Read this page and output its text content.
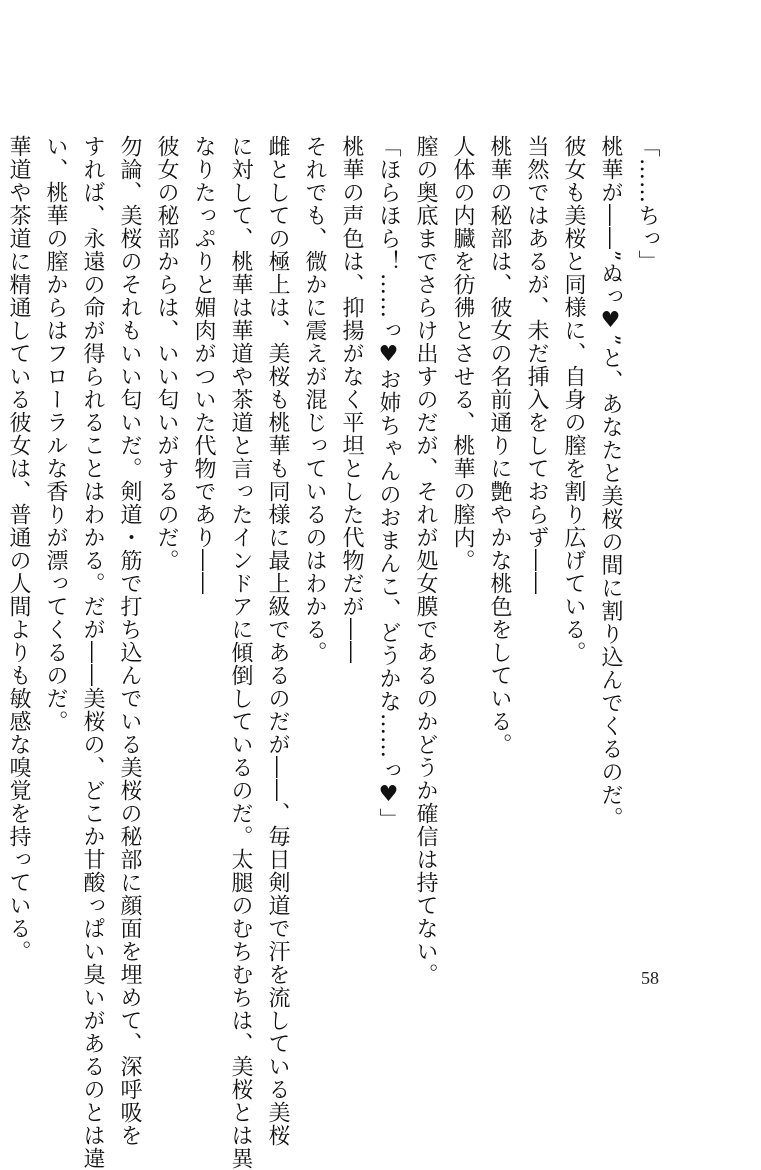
「……ちっ」
桃華が――”ぬっ♥”と、あなたと美桜の間に割り込んでくるのだ。
彼女も美桜と同様に、自身の膣を割り広げている。
当然ではあるが、未だ挿入をしておらず――
桃華の秘部は、彼女の名前通りに艶やかな桃色をしている。
人体の内臓を彷彿とさせる、桃華の膣内。
膣の奥底までさらけ出すのだが、それが処女膜であるのかどうか確信は持てない。
「ほらほら！……っ♥お姉ちゃんのおまんこ、どうかな……っ♥」
桃華の声色は、抑揚がなく平坦とした代物だが――
それでも、微かに震えが混じっているのはわかる。
雌としての極上は、美桜も桃華も同様に最上級であるのだが――、毎日剣道で汗を流している美桜
に対して、桃華は華道や茶道と言ったインドアに傾倒しているのだ。太腿のむちむちは、美桜とは異
なりたっぷりと媚肉がついた代物であり――
彼女の秘部からは、いい匂いがするのだ。
勿論、美桜のそれもいい匂いだ。剣道・筋で打ち込んでいる美桜の秘部に顔面を埋めて、深呼吸を
すれば、永遠の命が得られることはわかる。だが――美桜の、どこか甘酸っぱい臭いがあるのとは違
い、桃華の膣からはフローラルな香りが漂ってくるのだ。
華道や茶道に精通している彼女は、普通の人間よりも敏感な嗅覚を持っている。
58
